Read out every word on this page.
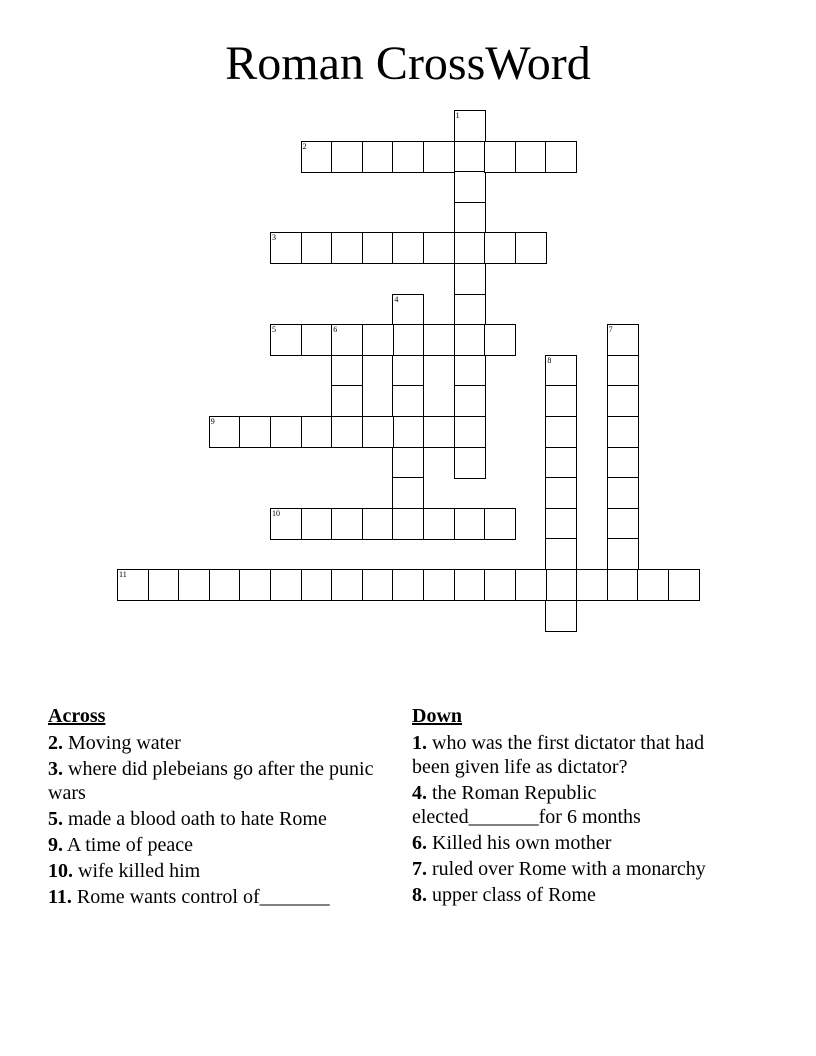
Roman CrossWord
1
2
3
4
5	6	7
8
9
10
11
Across
2. Moving water
3. where did plebeians go after the punic wars
5. made a blood oath to hate Rome
9. A time of peace
10. wife killed him
11. Rome wants control of_______
Down
1. who was the first dictator that had been given life as dictator?
4. the Roman Republic elected_______for 6 months
6. Killed his own mother
7. ruled over Rome with a monarchy
8. upper class of Rome
